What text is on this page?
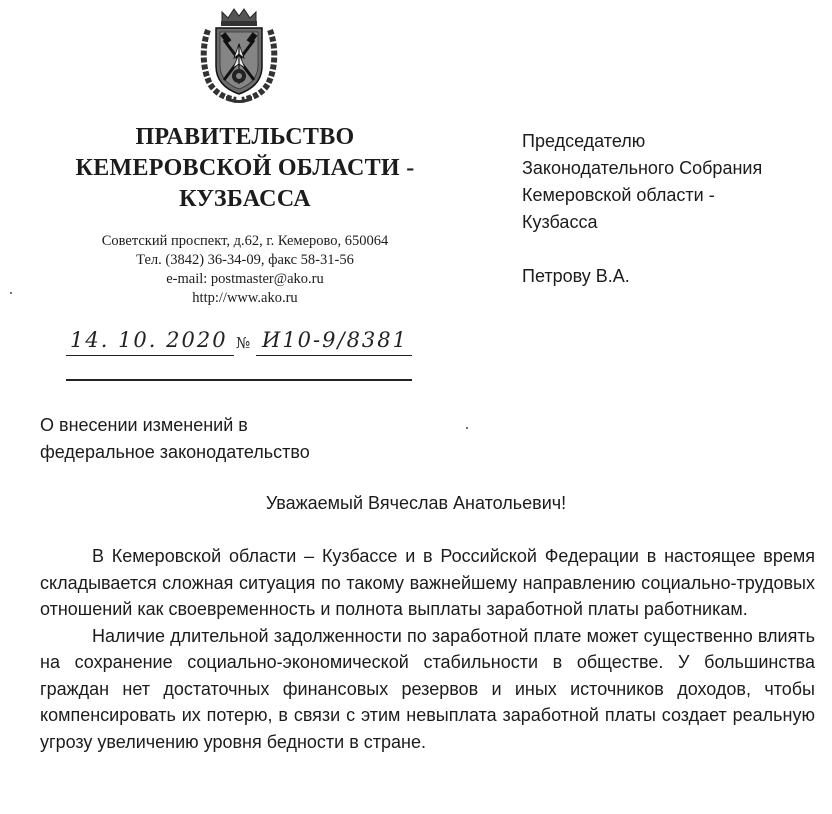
ПРАВИТЕЛЬСТВО
КЕМЕРОВСКОЙ ОБЛАСТИ -
КУЗБАССА
Советский проспект, д.62, г. Кемерово, 650064
Тел. (3842) 36-34-09, факс 58-31-56
e-mail: postmaster@ako.ru
http://www.ako.ru
14. 10. 2020 № И10-9/8381
Председателю
Законодательного Собрания
Кемеровской области -
Кузбасса
Петрову В.А.
О внесении изменений в
федеральное законодательство
Уважаемый Вячеслав Анатольевич!

В Кемеровской области – Кузбассе и в Российской Федерации в настоящее время складывается сложная ситуация по такому важнейшему направлению социально-трудовых отношений как своевременность и полнота выплаты заработной платы работникам.

Наличие длительной задолженности по заработной плате может существенно влиять на сохранение социально-экономической стабильности в обществе. У большинства граждан нет достаточных финансовых резервов и иных источников доходов, чтобы компенсировать их потерю, в связи с этим невыплата заработной платы создает реальную угрозу увеличению уровня бедности в стране.
